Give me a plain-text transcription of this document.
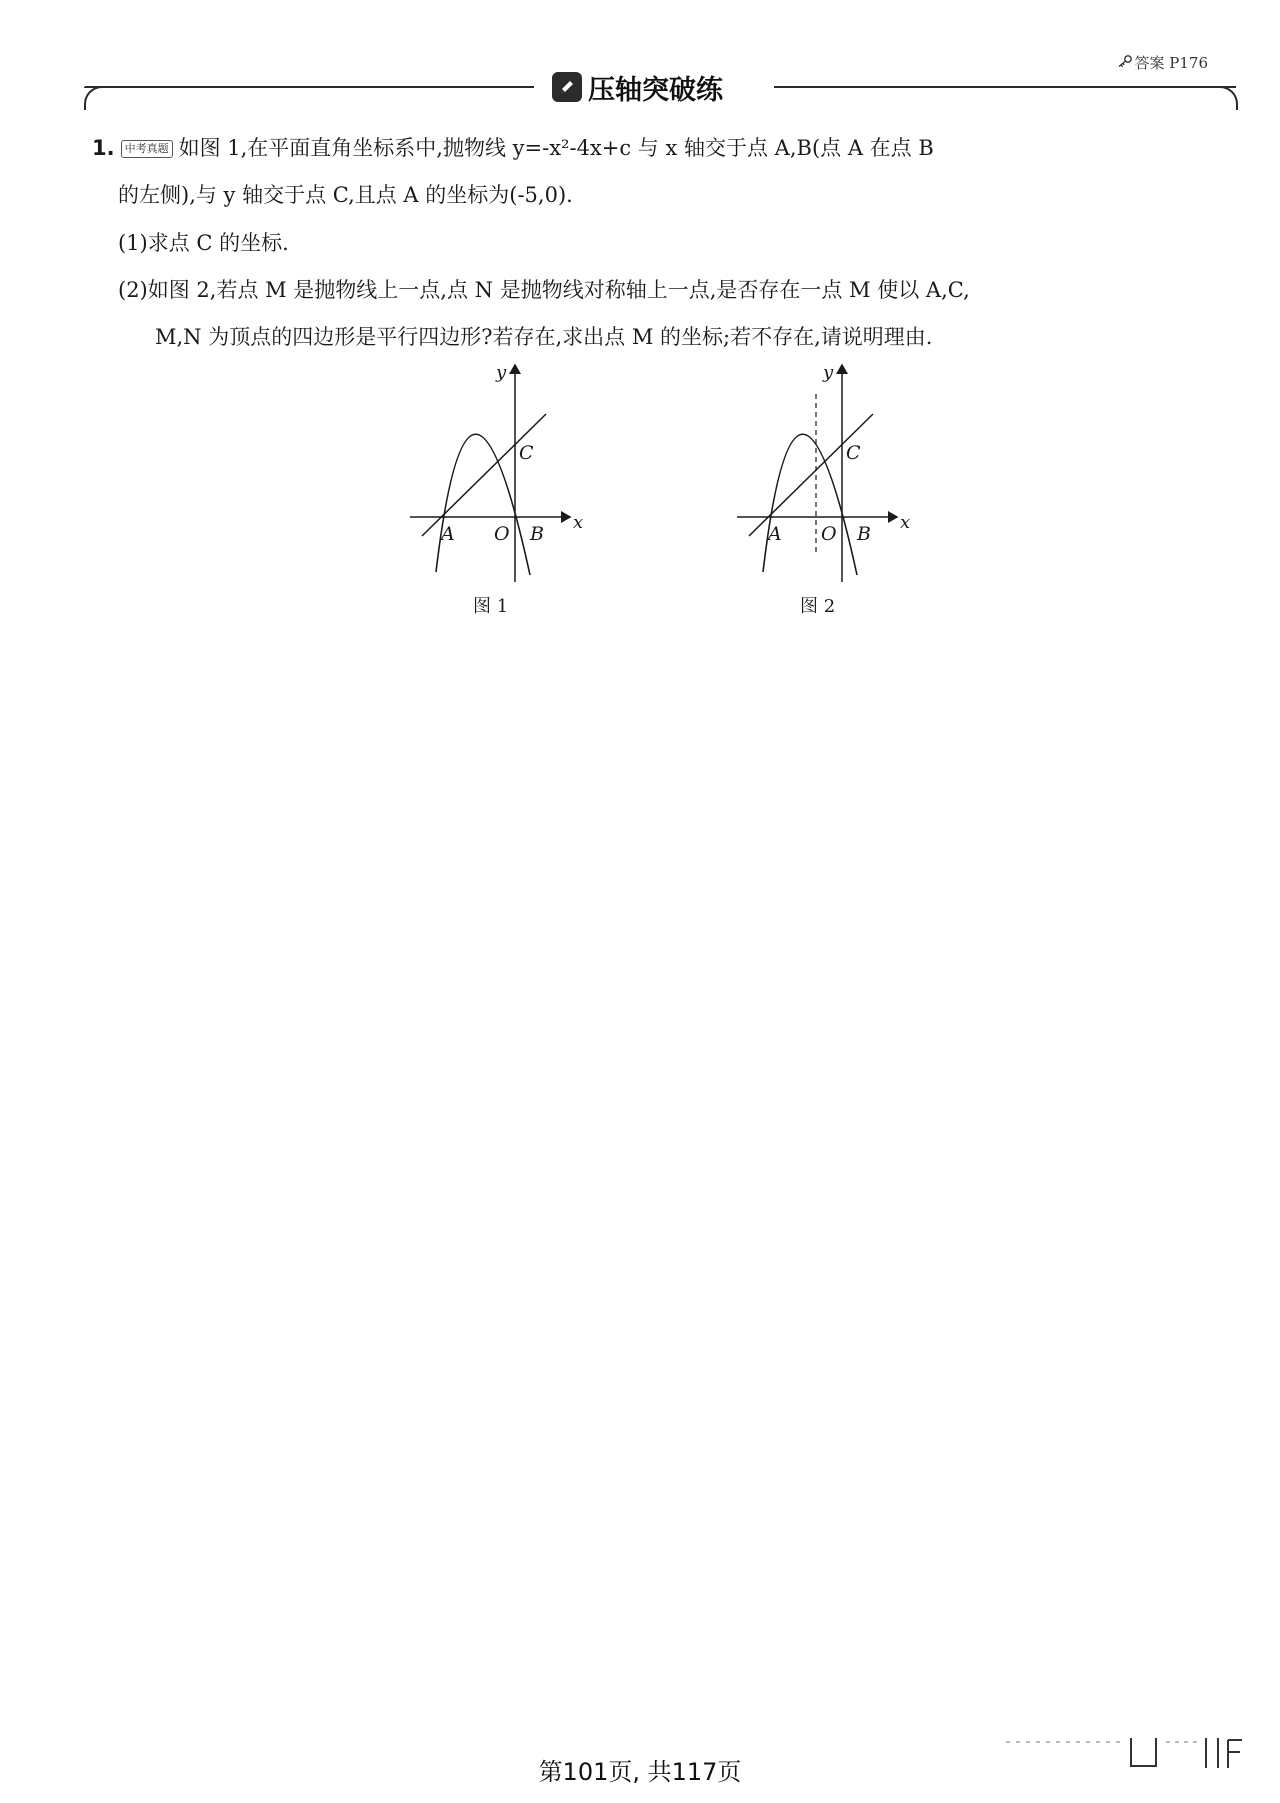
答案 P176
压轴突破练
1. 中考真题 如图 1,在平面直角坐标系中,抛物线 y=-x²-4x+c 与 x 轴交于点 A,B(点 A 在点 B
的左侧),与 y 轴交于点 C,且点 A 的坐标为(-5,0).
(1)求点 C 的坐标.
(2)如图 2,若点 M 是抛物线上一点,点 N 是抛物线对称轴上一点,是否存在一点 M 使以 A,C,
M,N 为顶点的四边形是平行四边形?若存在,求出点 M 的坐标;若不存在,请说明理由.
y
x
A O B
C
图 1
y
x
A O B
C
图 2
第101页, 共117页
